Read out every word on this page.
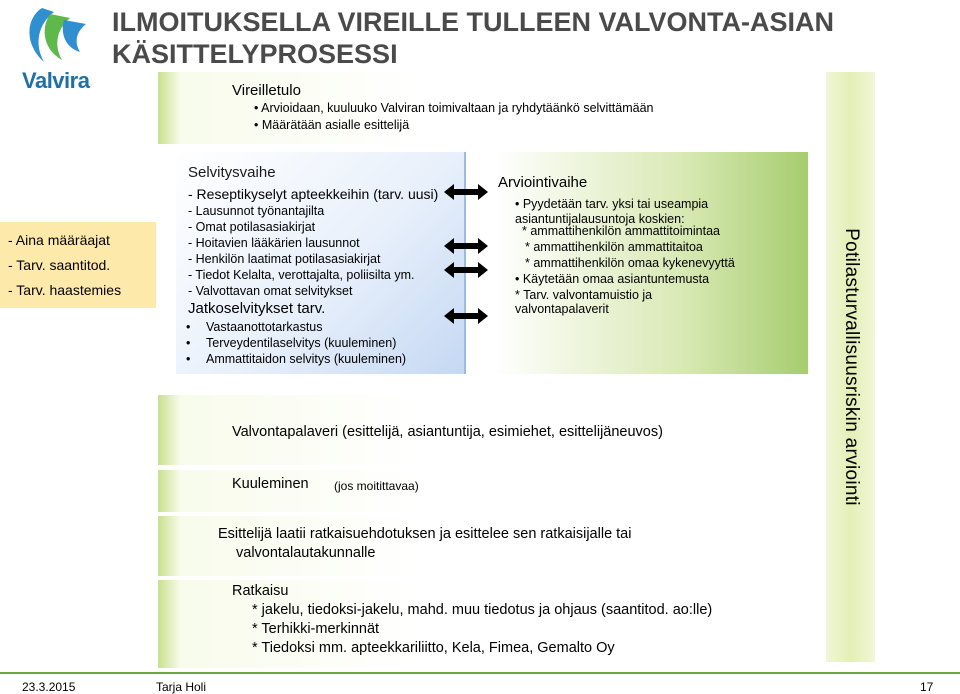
Valvira
ILMOITUKSELLA VIREILLE TULLEEN VALVONTA-ASIAN
KÄSITTELYPROSESSI
- Aina määräajat
- Tarv. saantitod.
- Tarv. haastemies	Potilasturvallisuusriskin arviointi
Vireilletulo
• Arvioidaan, kuuluuko Valviran toimivaltaan ja ryhdytäänkö selvittämään
• Määrätään asialle esittelijä
Selvitysvaihe
- Reseptikyselyt apteekkeihin (tarv. uusi)
- Lausunnot työnantajilta
- Omat potilasasiakirjat
- Hoitavien lääkärien lausunnot
- Henkilön laatimat potilasasiakirjat
- Tiedot Kelalta, verottajalta, poliisilta ym.
- Valvottavan omat selvitykset
Jatkoselvitykset tarv.
• Vastaanottotarkastus
• Terveydentilaselvitys (kuuleminen)
• Ammattitaidon selvitys (kuuleminen)
Arviointivaihe
• Pyydetään tarv. yksi tai useampia
asiantuntijalausuntoja koskien:
* ammattihenkilön ammattitoimintaa
* ammattihenkilön ammattitaitoa
* ammattihenkilön omaa kykenevyyttä
• Käytetään omaa asiantuntemusta
* Tarv. valvontamuistio ja
valvontapalaverit
Valvontapalaveri (esittelijä, asiantuntija, esimiehet, esittelijäneuvos)
Kuuleminen (jos moitittavaa)
Esittelijä laatii ratkaisuehdotuksen ja esittelee sen ratkaisijalle tai
valvontalautakunnalle
Ratkaisu
* jakelu, tiedoksi-jakelu, mahd. muu tiedotus ja ohjaus (saantitod. ao:lle)
* Terhikki-merkinnät
* Tiedoksi mm. apteekkariliitto, Kela, Fimea, Gemalto Oy
23.3.2015	Tarja Holi	17
